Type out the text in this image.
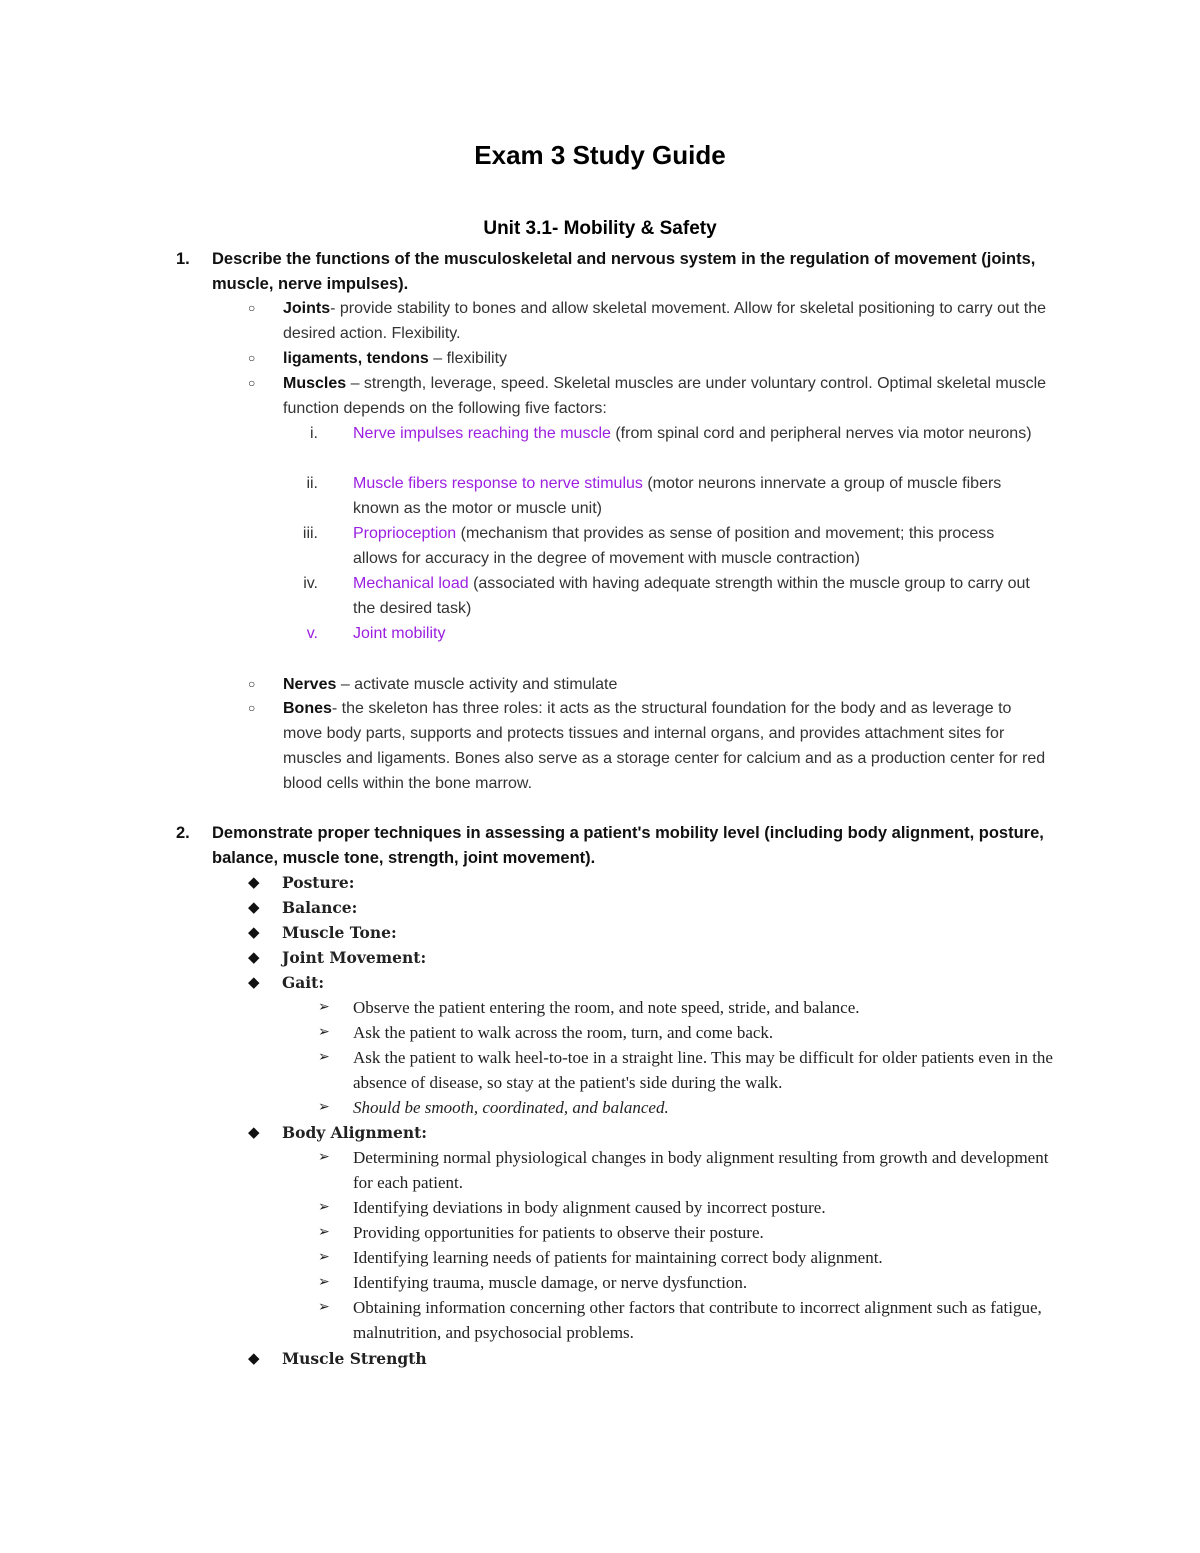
Exam 3 Study Guide
Unit 3.1- Mobility & Safety
1. Describe the functions of the musculoskeletal and nervous system in the regulation of movement (joints, muscle, nerve impulses).
○	Joints- provide stability to bones and allow skeletal movement. Allow for skeletal positioning to carry out the desired action. Flexibility.
○	ligaments, tendons – flexibility
○	Muscles – strength, leverage, speed. Skeletal muscles are under voluntary control. Optimal skeletal muscle function depends on the following five factors:
i. Nerve impulses reaching the muscle (from spinal cord and peripheral nerves via motor neurons)
ii. Muscle fibers response to nerve stimulus (motor neurons innervate a group of muscle fibers known as the motor or muscle unit)
iii. Proprioception (mechanism that provides as sense of position and movement; this process allows for accuracy in the degree of movement with muscle contraction)
iv. Mechanical load (associated with having adequate strength within the muscle group to carry out the desired task)
v. Joint mobility
○	Nerves – activate muscle activity and stimulate
○	Bones- the skeleton has three roles: it acts as the structural foundation for the body and as leverage to move body parts, supports and protects tissues and internal organs, and provides attachment sites for muscles and ligaments. Bones also serve as a storage center for calcium and as a production center for red blood cells within the bone marrow.
2. Demonstrate proper techniques in assessing a patient's mobility level (including body alignment, posture, balance, muscle tone, strength, joint movement).
◆ Posture:
◆ Balance:
◆ Muscle Tone:
◆ Joint Movement:
◆ Gait:
➢ Observe the patient entering the room, and note speed, stride, and balance.
➢ Ask the patient to walk across the room, turn, and come back.
➢ Ask the patient to walk heel-to-toe in a straight line. This may be difficult for older patients even in the absence of disease, so stay at the patient's side during the walk.
➢ Should be smooth, coordinated, and balanced.
◆ Body Alignment:
➢ Determining normal physiological changes in body alignment resulting from growth and development for each patient.
➢ Identifying deviations in body alignment caused by incorrect posture.
➢ Providing opportunities for patients to observe their posture.
➢ Identifying learning needs of patients for maintaining correct body alignment.
➢ Identifying trauma, muscle damage, or nerve dysfunction.
➢ Obtaining information concerning other factors that contribute to incorrect alignment such as fatigue, malnutrition, and psychosocial problems.
◆ Muscle Strength
